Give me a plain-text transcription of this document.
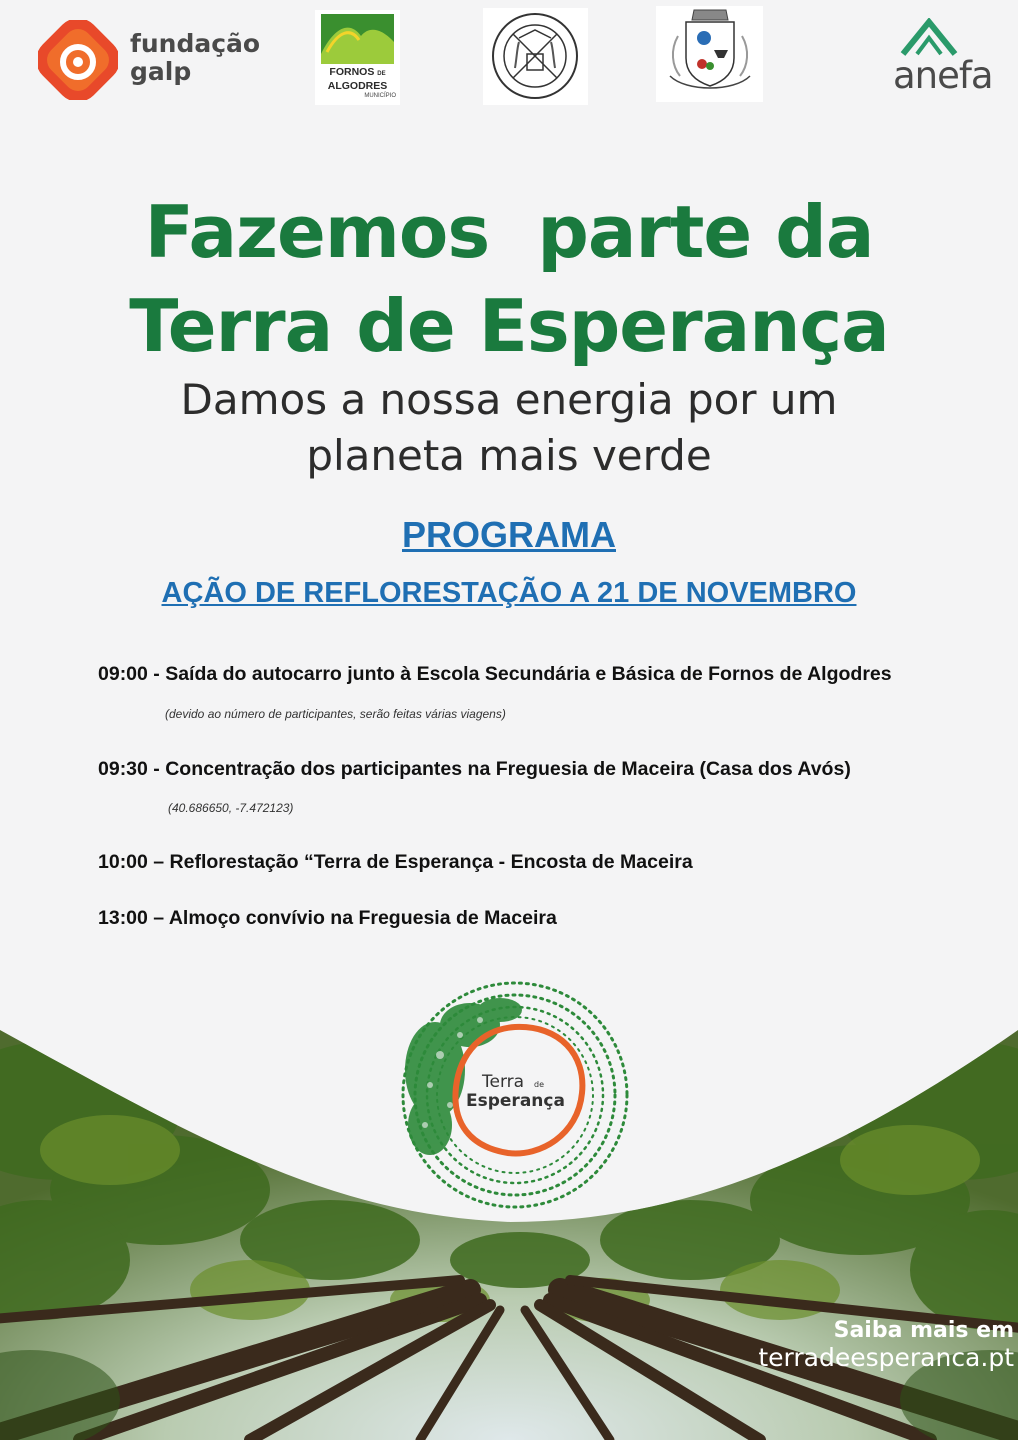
fundação
galp	FORNOS DE
ALGODRES
MUNICÍPIO	anefa
Fazemos  parte da
Terra de Esperança
Damos a nossa energia por um
planeta mais verde
PROGRAMA
AÇÃO DE REFLORESTAÇÃO A 21 DE NOVEMBRO
09:00 - Saída do autocarro junto à Escola Secundária e Básica de Fornos de Algodres
(devido ao número de participantes, serão feitas várias viagens)
09:30 - Concentração dos participantes na Freguesia de Maceira (Casa dos Avós)
(40.686650, -7.472123)
10:00 – Reflorestação “Terra de Esperança - Encosta de Maceira
13:00 – Almoço convívio na Freguesia de Maceira
Terra de
Esperança
Saiba mais em
terradeesperanca.pt
